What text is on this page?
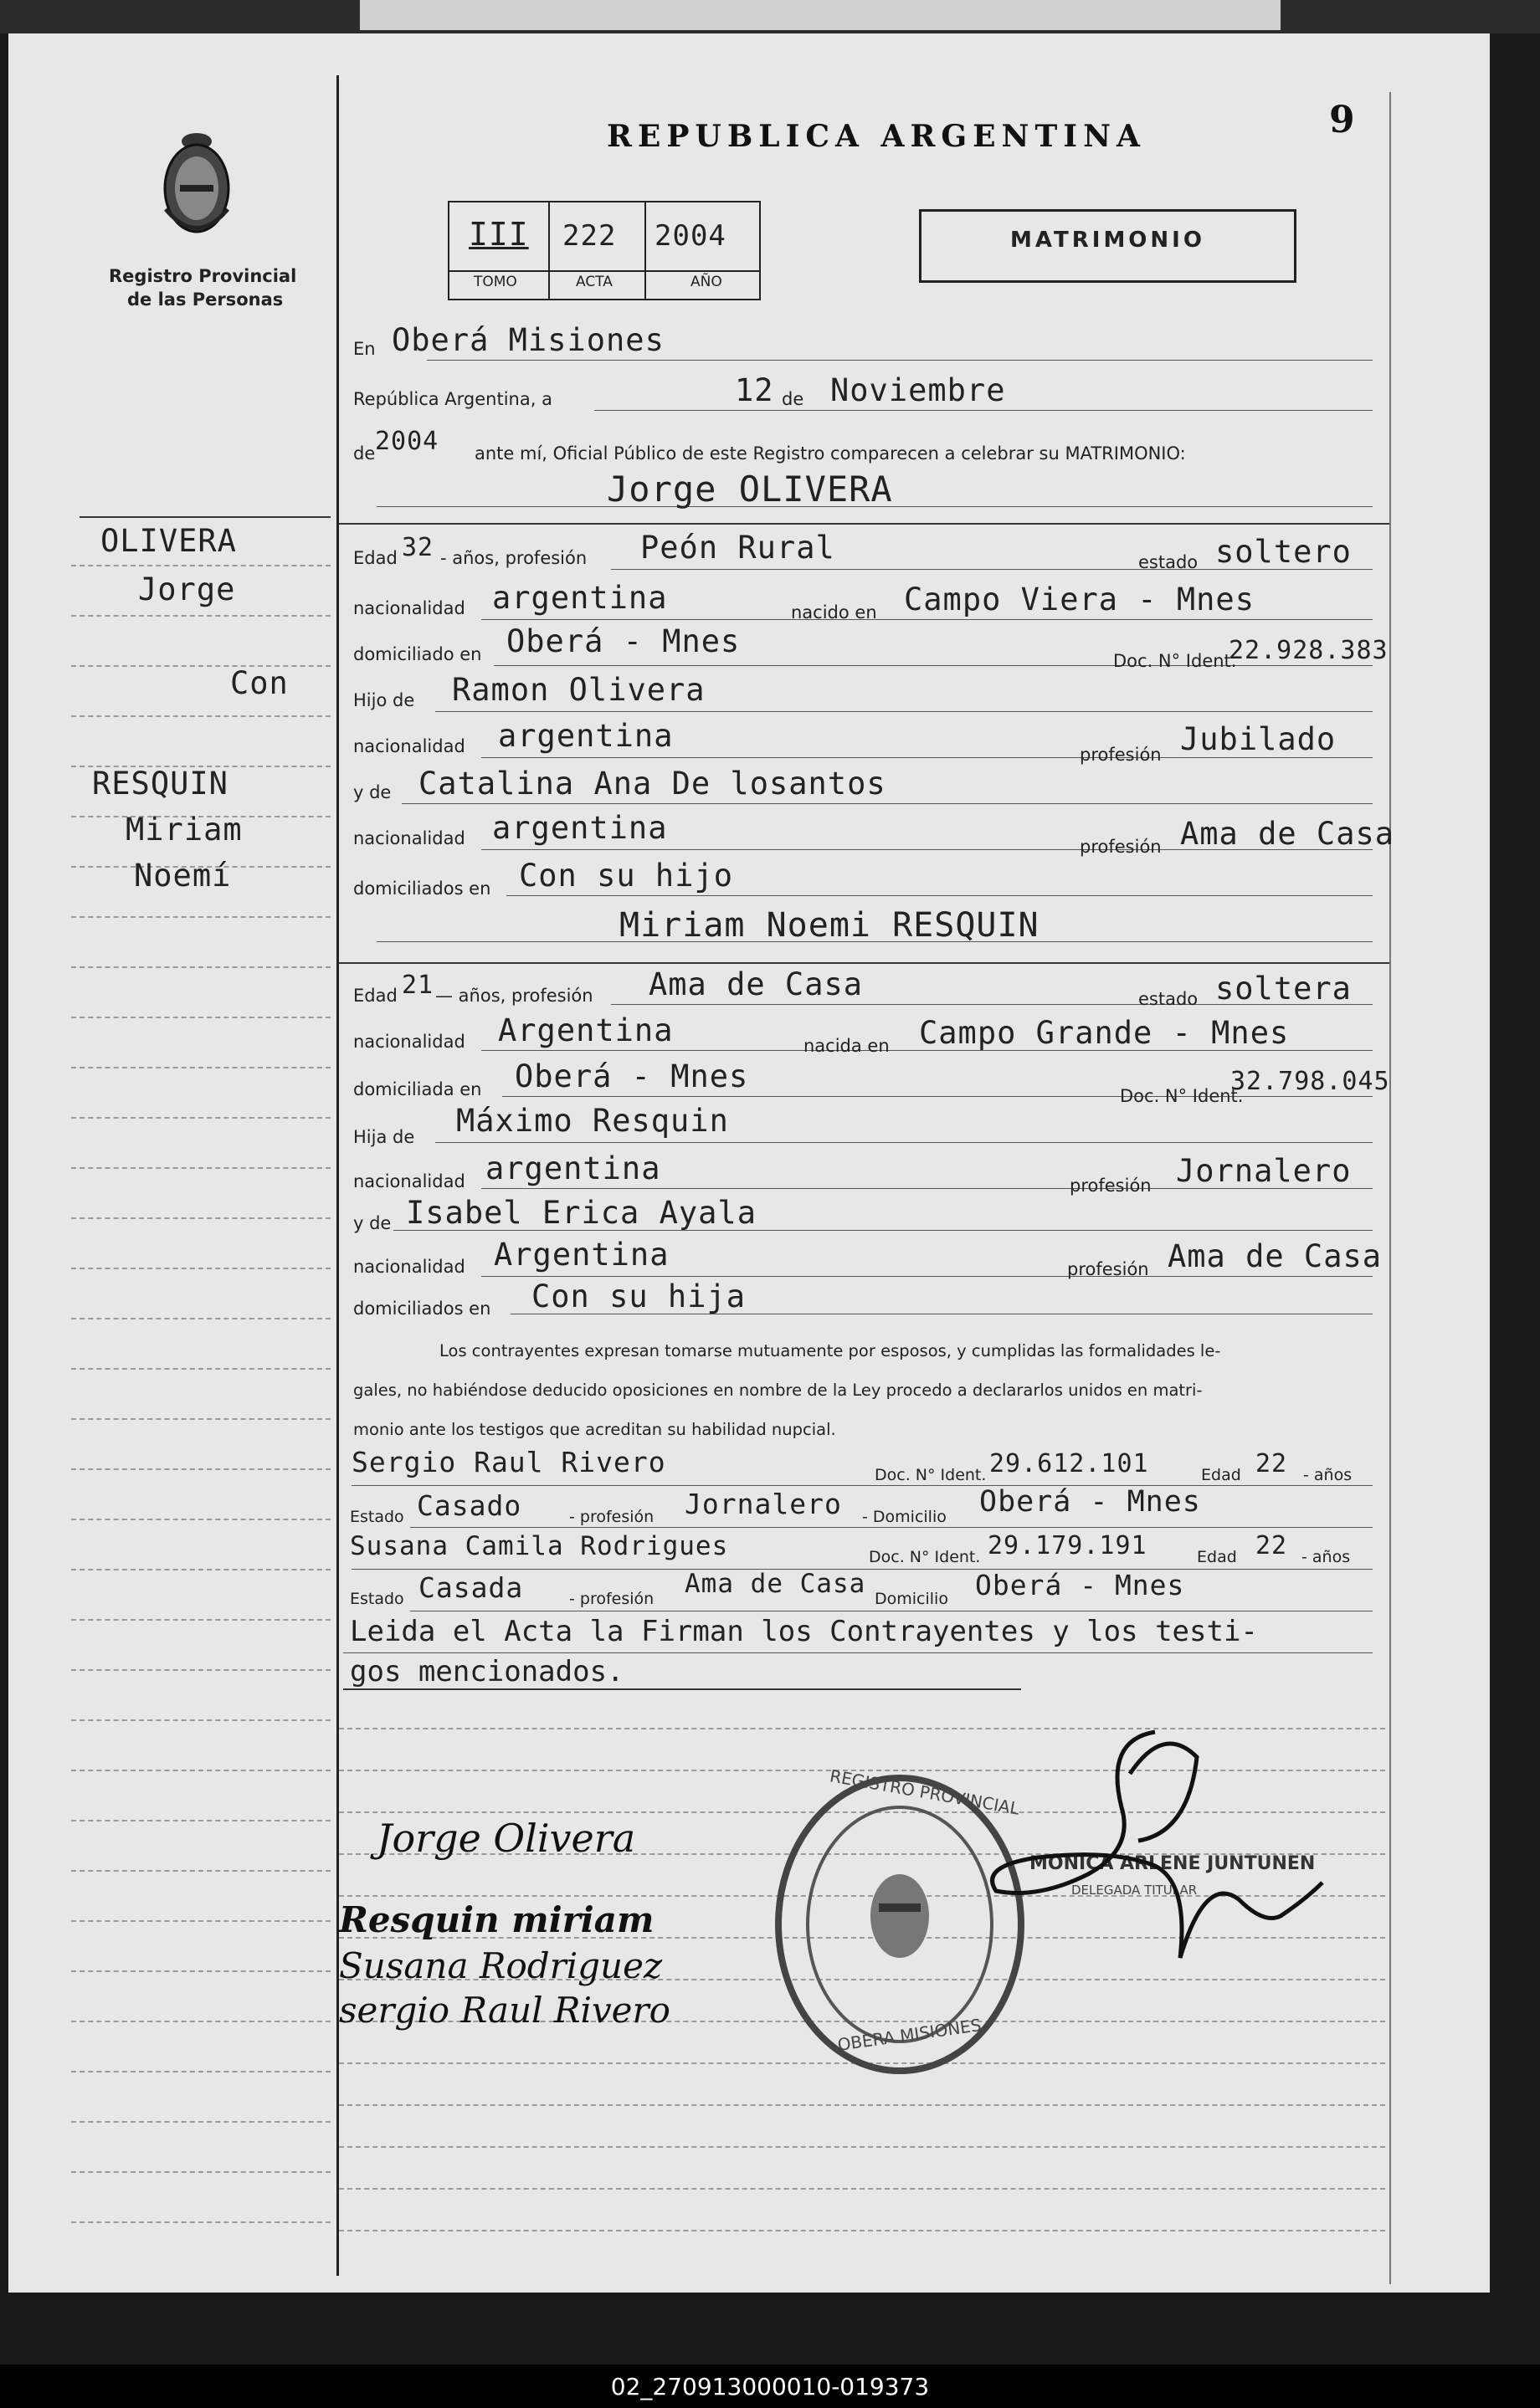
Registro Provincial
de las Personas
REPUBLICA ARGENTINA	9
III 222 2004
TOMO	ACTA	AÑO
MATRIMONIO
OLIVERA
Jorge
Con
RESQUIN
Miriam
Noemí
En Oberá Misiones
República Argentina, a	12 de Noviembre
de 2004 ante mí, Oficial Público de este Registro comparecen a celebrar su MATRIMONIO:
Jorge OLIVERA
Edad 32 - años, profesión Peón Rural	estado soltero
nacionalidad argentina	nacido en Campo Viera - Mnes
domiciliado en Oberá - Mnes
Doc. N° Ident.
22.928.383
Hijo de Ramon Olivera
nacionalidad argentina
profesión Jubilado
y de Catalina Ana De losantos
nacionalidad argentina
profesión Ama de Casa
domiciliados en Con su hijo
Miriam Noemi RESQUIN
Edad 21 — años, profesión Ama de Casa	estado soltera
nacionalidad Argentina	nacida en Campo Grande - Mnes
domiciliada en Oberá - Mnes
Doc. N° Ident.
32.798.045
Hija de Máximo Resquin
nacionalidad argentina	profesión Jornalero
y de Isabel Erica Ayala
nacionalidad Argentina	profesión Ama de Casa
domiciliados en Con su hija
Los contrayentes expresan tomarse mutuamente por esposos, y cumplidas las formalidades le-
gales, no habiéndose deducido oposiciones en nombre de la Ley procedo a declararlos unidos en matri-
monio ante los testigos que acreditan su habilidad nupcial.
Sergio Raul Rivero	Doc. N° Ident. 29.612.101	Edad 22 - años
Estado Casado	- profesión Jornalero - Domicilio Oberá - Mnes
Susana Camila Rodrigues	Doc. N° Ident. 29.179.191	Edad 22 - años
Estado Casada	- profesión Ama de Casa Domicilio Oberá - Mnes
Leida el Acta la Firman los Contrayentes y los testi-
gos mencionados.
REGISTRO PROVINCIAL
OBERA MISIONES
MONICA ARLENE JUNTUNEN
DELEGADA TITULAR
Jorge Olivera
Resquin miriam
Susana Rodriguez
sergio Raul Rivero
02_270913000010-019373
